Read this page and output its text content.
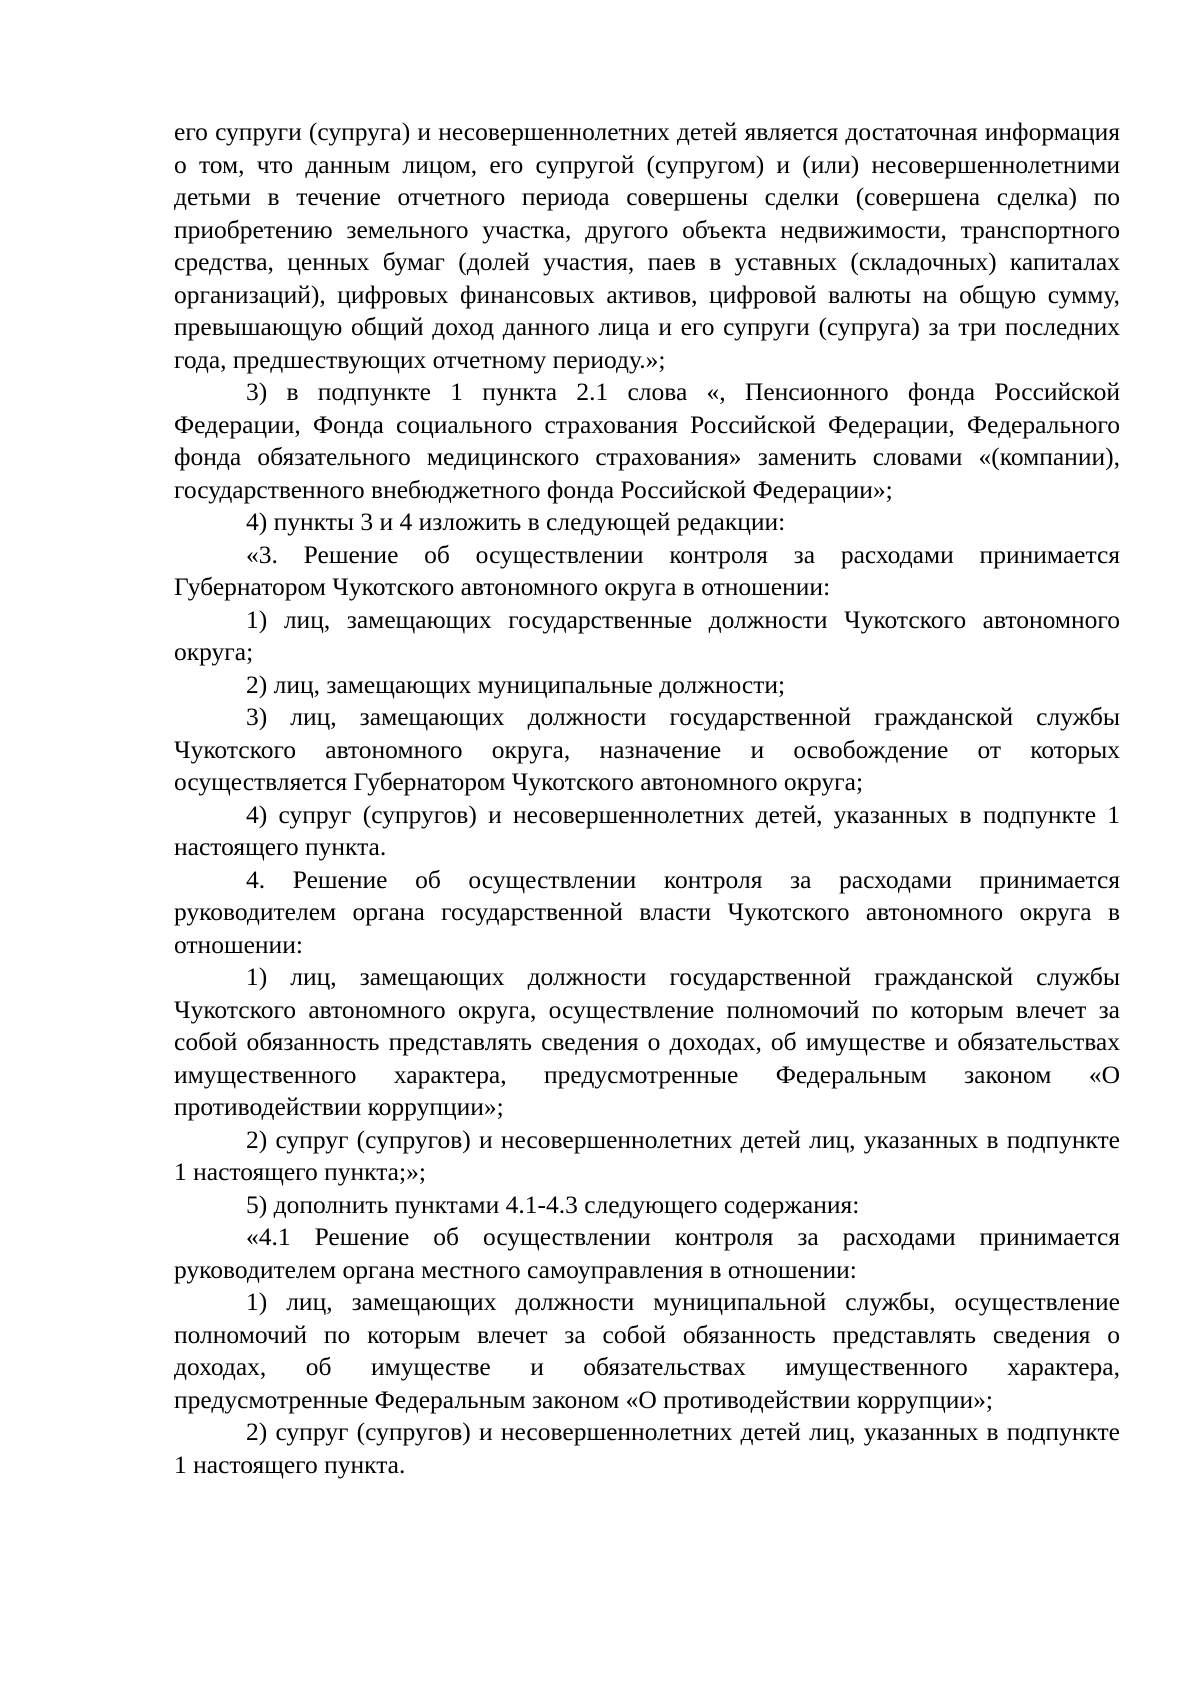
его супруги (супруга) и несовершеннолетних детей является достаточная информация о том, что данным лицом, его супругой (супругом) и (или) несовершеннолетними детьми в течение отчетного периода совершены сделки (совершена сделка) по приобретению земельного участка, другого объекта недвижимости, транспортного средства, ценных бумаг (долей участия, паев в уставных (складочных) капиталах организаций), цифровых финансовых активов, цифровой валюты на общую сумму, превышающую общий доход данного лица и его супруги (супруга) за три последних года, предшествующих отчетному периоду.»;

3) в подпункте 1 пункта 2.1 слова «, Пенсионного фонда Российской Федерации, Фонда социального страхования Российской Федерации, Федерального фонда обязательного медицинского страхования» заменить словами «(компании), государственного внебюджетного фонда Российской Федерации»;

4) пункты 3 и 4 изложить в следующей редакции:

«3. Решение об осуществлении контроля за расходами принимается Губернатором Чукотского автономного округа в отношении:

1) лиц, замещающих государственные должности Чукотского автономного округа;

2) лиц, замещающих муниципальные должности;

3) лиц, замещающих должности государственной гражданской службы Чукотского автономного округа, назначение и освобождение от которых осуществляется Губернатором Чукотского автономного округа;

4) супруг (супругов) и несовершеннолетних детей, указанных в подпункте 1 настоящего пункта.

4. Решение об осуществлении контроля за расходами принимается руководителем органа государственной власти Чукотского автономного округа в отношении:

1) лиц, замещающих должности государственной гражданской службы Чукотского автономного округа, осуществление полномочий по которым влечет за собой обязанность представлять сведения о доходах, об имуществе и обязательствах имущественного характера, предусмотренные Федеральным законом «О противодействии коррупции»;

2) супруг (супругов) и несовершеннолетних детей лиц, указанных в подпункте 1 настоящего пункта;»;

5) дополнить пунктами 4.1-4.3 следующего содержания:

«4.1 Решение об осуществлении контроля за расходами принимается руководителем органа местного самоуправления в отношении:

1) лиц, замещающих должности муниципальной службы, осуществление полномочий по которым влечет за собой обязанность представлять сведения о доходах, об имуществе и обязательствах имущественного характера, предусмотренные Федеральным законом «О противодействии коррупции»;

2) супруг (супругов) и несовершеннолетних детей лиц, указанных в подпункте 1 настоящего пункта.
